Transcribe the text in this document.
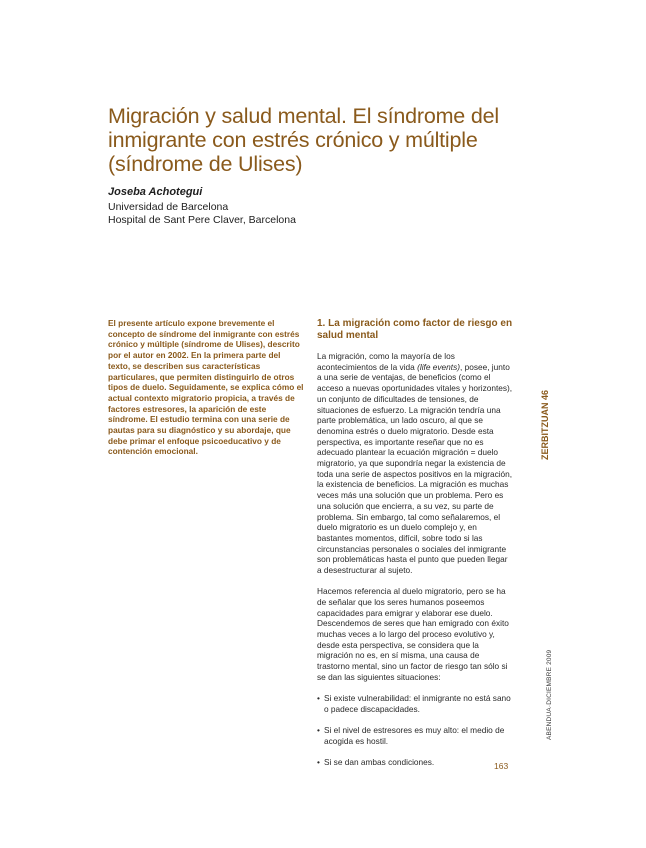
Migración y salud mental. El síndrome del inmigrante con estrés crónico y múltiple (síndrome de Ulises)
Joseba Achotegui
Universidad de Barcelona
Hospital de Sant Pere Claver, Barcelona

El presente artículo expone brevemente el concepto de síndrome del inmigrante con estrés crónico y múltiple (síndrome de Ulises), descrito por el autor en 2002. En la primera parte del texto, se describen sus características particulares, que permiten distinguirlo de otros tipos de duelo. Seguidamente, se explica cómo el actual contexto migratorio propicia, a través de factores estresores, la aparición de este síndrome. El estudio termina con una serie de pautas para su diagnóstico y su abordaje, que debe primar el enfoque psicoeducativo y de contención emocional.

1. La migración como factor de riesgo en salud mental

La migración, como la mayoría de los acontecimientos de la vida (life events), posee, junto a una serie de ventajas, de beneficios (como el acceso a nuevas oportunidades vitales y horizontes), un conjunto de dificultades de tensiones, de situaciones de esfuerzo. La migración tendría una parte problemática, un lado oscuro, al que se denomina estrés o duelo migratorio. Desde esta perspectiva, es importante reseñar que no es adecuado plantear la ecuación migración = duelo migratorio, ya que supondría negar la existencia de toda una serie de aspectos positivos en la migración, la existencia de beneficios. La migración es muchas veces más una solución que un problema. Pero es una solución que encierra, a su vez, su parte de problema. Sin embargo, tal como señalaremos, el duelo migratorio es un duelo complejo y, en bastantes momentos, difícil, sobre todo si las circunstancias personales o sociales del inmigrante son problemáticas hasta el punto que pueden llegar a desestructurar al sujeto.

Hacemos referencia al duelo migratorio, pero se ha de señalar que los seres humanos poseemos capacidades para emigrar y elaborar ese duelo. Descendemos de seres que han emigrado con éxito muchas veces a lo largo del proceso evolutivo y, desde esta perspectiva, se considera que la migración no es, en sí misma, una causa de trastorno mental, sino un factor de riesgo tan sólo si se dan las siguientes situaciones:

• Si existe vulnerabilidad: el inmigrante no está sano o padece discapacidades.
• Si el nivel de estresores es muy alto: el medio de acogida es hostil.
• Si se dan ambas condiciones.
ZERBITZUAN 46
ABENDUA·DICIEMBRE 2009
163
